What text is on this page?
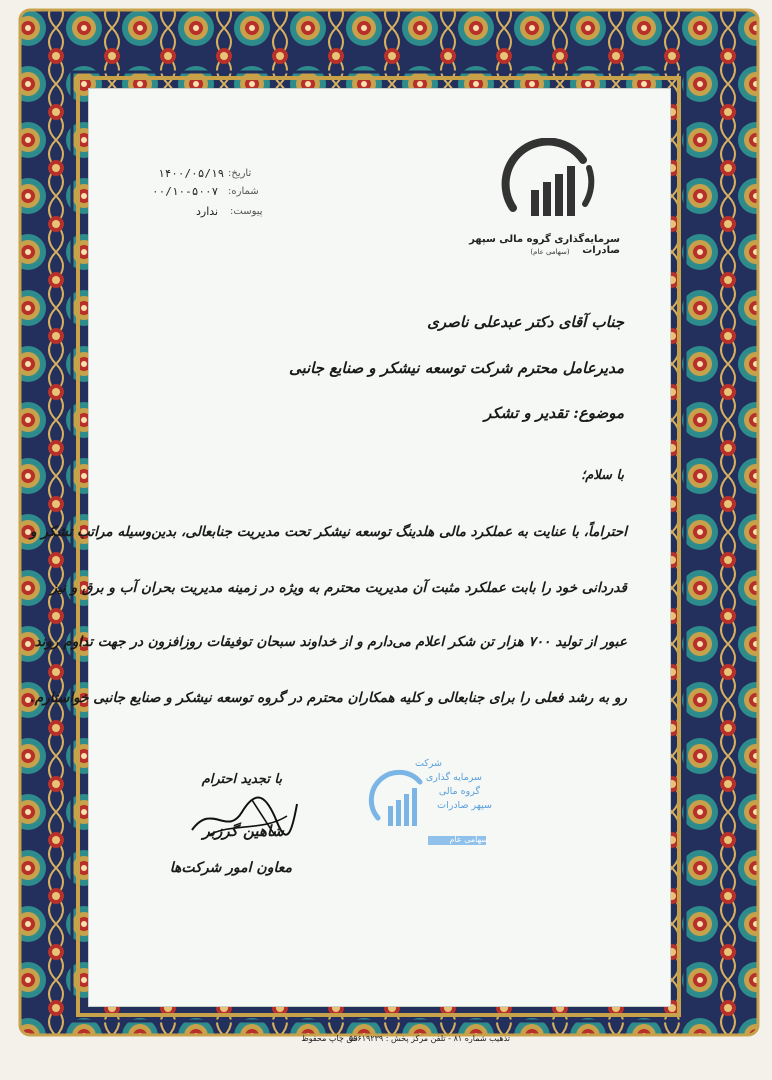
سرمایه‌گذاری گروه مالی سپهر صادرات
(سهامی عام)
تاریخ:
۱۴۰۰/۰۵/۱۹
شماره:
۰۰/۱۰-۵۰۰۷
پیوست:
ندارد
جناب آقای دکتر عبدعلی ناصری
مدیرعامل محترم شرکت توسعه نیشکر و صنایع جانبی
موضوع: تقدیر و تشکر
با سلام؛
احتراماً، با عنایت به عملکرد مالی هلدینگ توسعه نیشکر تحت مدیریت جنابعالی، بدین‌وسیله مراتب تشکر و
قدردانی خود را بابت عملکرد مثبت آن مدیریت محترم به ویژه در زمینه مدیریت بحران آب و برق و نیز
عبور از تولید ۷۰۰ هزار تن شکر اعلام می‌دارم و از خداوند سبحان توفیقات روزافزون در جهت تداوم روند
رو به رشد فعلی را برای جنابعالی و کلیه همکاران محترم در گروه توسعه نیشکر و صنایع جانبی خواستارم.
با تجدید احترام
شاهین گرزبر
معاون امور شرکت‌ها
شرکت
سرمایه گذاری
گروه مالی
سپهر صادرات
سهامی عام
تذهیب شماره ۸۱ - تلفن مرکز پخش : ۵۵۶۱۹۲۳۹
حق چاپ محفوظ
